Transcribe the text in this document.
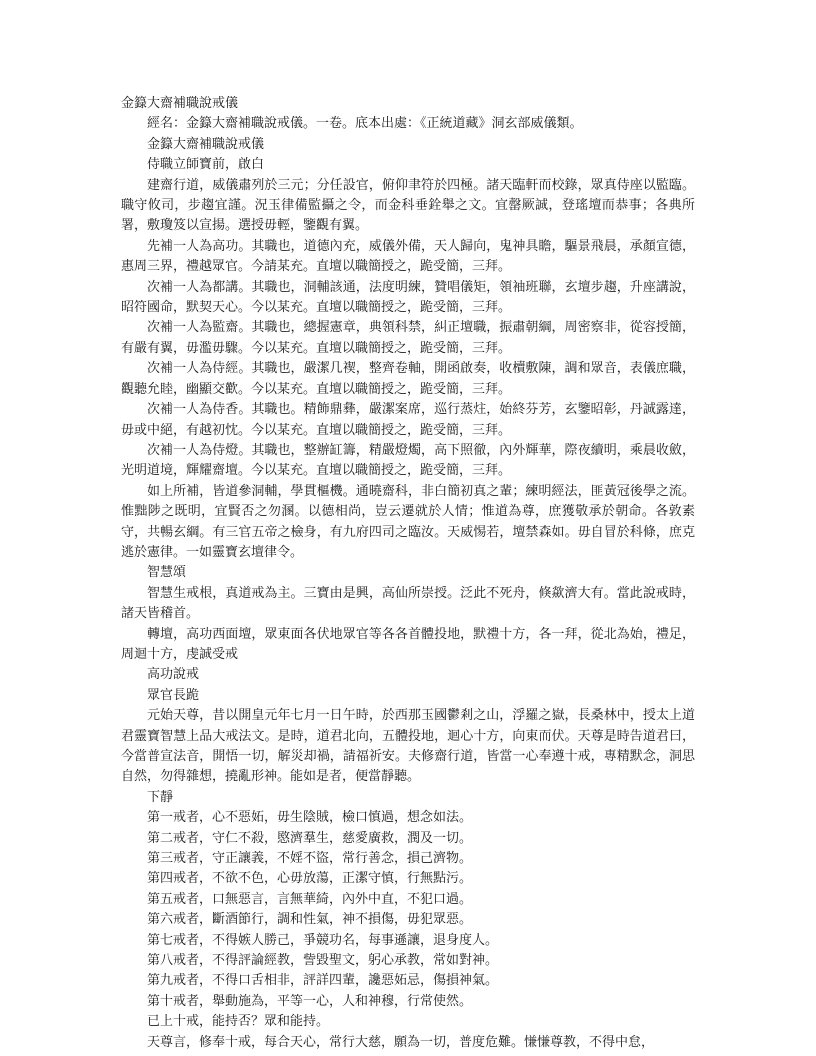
金籙大齋補職說戒儀

經名：金籙大齋補職說戒儀。一卷。底本出處：《正統道藏》洞玄部威儀類。

金籙大齋補職說戒儀

侍職立師寶前，啟白

建齋行道，威儀肅列於三元；分任設官，俯仰聿符於四極。諸天臨軒而校錄，眾真侍座以監臨。職守攸司，步趨宜謹。況玉律備監攝之令，而金科垂銓舉之文。宜罄厥誠，登瑤壇而恭事；各典所署，敷瓊笈以宣揚。選授毋輕，鑒觀有翼。

先補一人為高功。其職也，道德內充，威儀外備，天人歸向，鬼神具瞻，驅景飛晨，承顏宣德，惠周三界，禮越眾官。今請某充。直壇以職簡授之，跪受簡，三拜。

次補一人為都講。其職也，洞輔該通，法度明練，贊唱儀矩，領袖班聯，玄壇步趨，升座講說，昭符國命，默契天心。今以某充。直壇以職簡授之，跪受簡，三拜。

次補一人為監齋。其職也，總握憲章，典領科禁，糾正壇職，振肅朝綱，周密察非，從容授簡，有嚴有翼，毋濫毋驟。今以某充。直壇以職簡授之，跪受簡，三拜。

次補一人為侍經。其職也，嚴潔几褉，整齊卷軸，開函啟奏，收櫝敷陳，調和眾音，表儀庶職，觀聽允睦，幽顯交歡。今以某充。直壇以職簡授之，跪受簡，三拜。

次補一人為侍香。其職也。精飾鼎彝，嚴潔案席，巡行蒸炷，始終芬芳，玄鑒昭彰，丹誠露達，毋或中絕，有越初忱。今以某充。直壇以職簡授之，跪受簡，三拜。

次補一人為侍燈。其職也，整辦缸籌，精嚴燈燭，高下照徹，內外輝華，際夜續明，乘晨收斂，光明道境，輝耀齋壇。今以某充。直壇以職簡授之，跪受簡，三拜。

如上所補，皆道參洞輔，學貫樞機。通曉齋科，非白簡初真之輩；練明經法，匪黃冠後學之流。惟黜陟之既明，宜賢否之勿溷。以德相尚，豈云遷就於人情；惟道為尊，庶獲敬承於朝命。各敦素守，共暢玄綱。有三官五帝之檢身，有九府四司之臨汝。天威惕若，壇禁森如。毋自冒於科條，庶克逃於憲律。一如靈寶玄壇律令。

智慧頌

智慧生戒根，真道戒為主。三寶由是興，高仙所崇授。泛此不死舟，倏歘濟大有。當此說戒時，諸天皆稽首。

轉壇，高功西面壇，眾東面各伏地眾官等各各首體投地，默禮十方，各一拜，從北為始，禮足，周迴十方，虔誠受戒

高功說戒

眾官長跪

元始天尊，昔以開皇元年七月一日午時，於西那玉國鬱剎之山，浮羅之嶽，長桑林中，授太上道君靈寶智慧上品大戒法文。是時，道君北向，五體投地，迴心十方，向東而伏。天尊是時告道君曰，今當普宣法音，開悟一切，解災却禍，請福祈安。夫修齋行道，皆當一心奉遵十戒，專精默念，洞思自然，勿得雜想，撓亂形神。能如是者，便當靜聽。

下靜

第一戒者，心不惡妬，毋生陰賊，檢口慎過，想念如法。

第二戒者，守仁不殺，愍濟羣生，慈愛廣救，潤及一切。

第三戒者，守正讓義，不婬不盜，常行善念，損己濟物。

第四戒者，不欲不色，心毋放蕩，正潔守慎，行無點污。

第五戒者，口無惡言，言無華綺，內外中直，不犯口過。

第六戒者，斷酒節行，調和性氣，神不損傷，毋犯眾惡。

第七戒者，不得嫉人勝己，爭競功名，每事遜讓，退身度人。

第八戒者，不得評論經教，訾毀聖文，躬心承教，常如對神。

第九戒者，不得口舌相非，評詳四輩，讒惡妬忌，傷損神氣。

第十戒者，舉動施為，平等一心，人和神穆，行常使然。

已上十戒，能持否？眾和能持。

天尊言，修奉十戒，每合天心，常行大慈，願為一切，普度危難。慊慊尊教，不得中怠，
